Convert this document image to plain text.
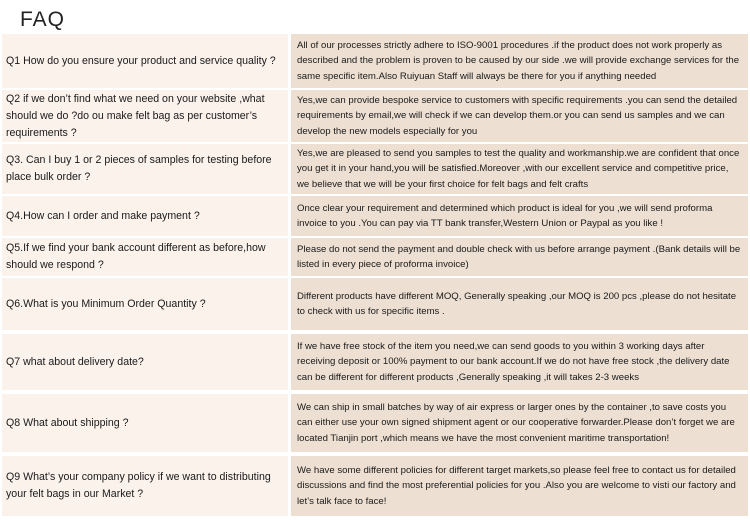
FAQ
Q1 How do you ensure your product and service quality ?
All of our processes strictly adhere to ISO-9001 procedures .if the product does not work properly as described and the problem is proven to be caused by our side .we will provide exchange services for the same specific item.Also Ruiyuan Staff will always be there for you if anything needed
Q2 if we don’t find what we need on your website ,what should we do ?do ou make felt bag as per customer’s requirements ?
Yes,we can provide bespoke service to customers with specific requirements .you can send the detailed requirements by email,we will check if we can develop them.or you can send us samples and we can develop the new models especially for you
Q3. Can I buy 1 or 2 pieces of samples for testing before place bulk order ?
Yes,we are pleased to send you samples to test the quality and workmanship.we are confident that once you get it in your hand,you will be satisfied.Moreover ,with our excellent service and competitive price, we believe that we will be your first choice for felt bags and felt crafts
Q4.How can I order and make payment ?
Once clear your requirement and determined which product is ideal for you ,we will send proforma invoice to you .You can pay via TT bank transfer,Western Union or Paypal as you like !
Q5.If we find your bank account different as before,how should we respond ?
Please do not send the payment and double check with us before arrange payment .(Bank details will be listed in every piece of proforma invoice)
Q6.What is you Minimum Order Quantity ?
Different products have different MOQ, Generally speaking ,our MOQ is 200 pcs ,please do not hesitate to check with us for specific items .
Q7 what about delivery date?
If we have free stock of the item you need,we can send goods to you within 3 working days after receiving deposit or 100% payment to our bank account.If we do not have free stock ,the delivery date can be different for different products ,Generally speaking ,it will takes 2-3 weeks
Q8 What about shipping ?
We can ship in small batches by way of air express or larger ones by the container ,to save costs you can either use your own signed shipment agent or our cooperative forwarder.Please don’t forget we are located Tianjin port ,which means we have the most convenient maritime transportation!
Q9 What’s your company policy if we want to distributing your felt bags in our Market ?
We have some different policies for different target markets,so please feel free to contact us for detailed discussions and find the most preferential policies for you .Also you are welcome to visti our factory and let’s talk face to face!
